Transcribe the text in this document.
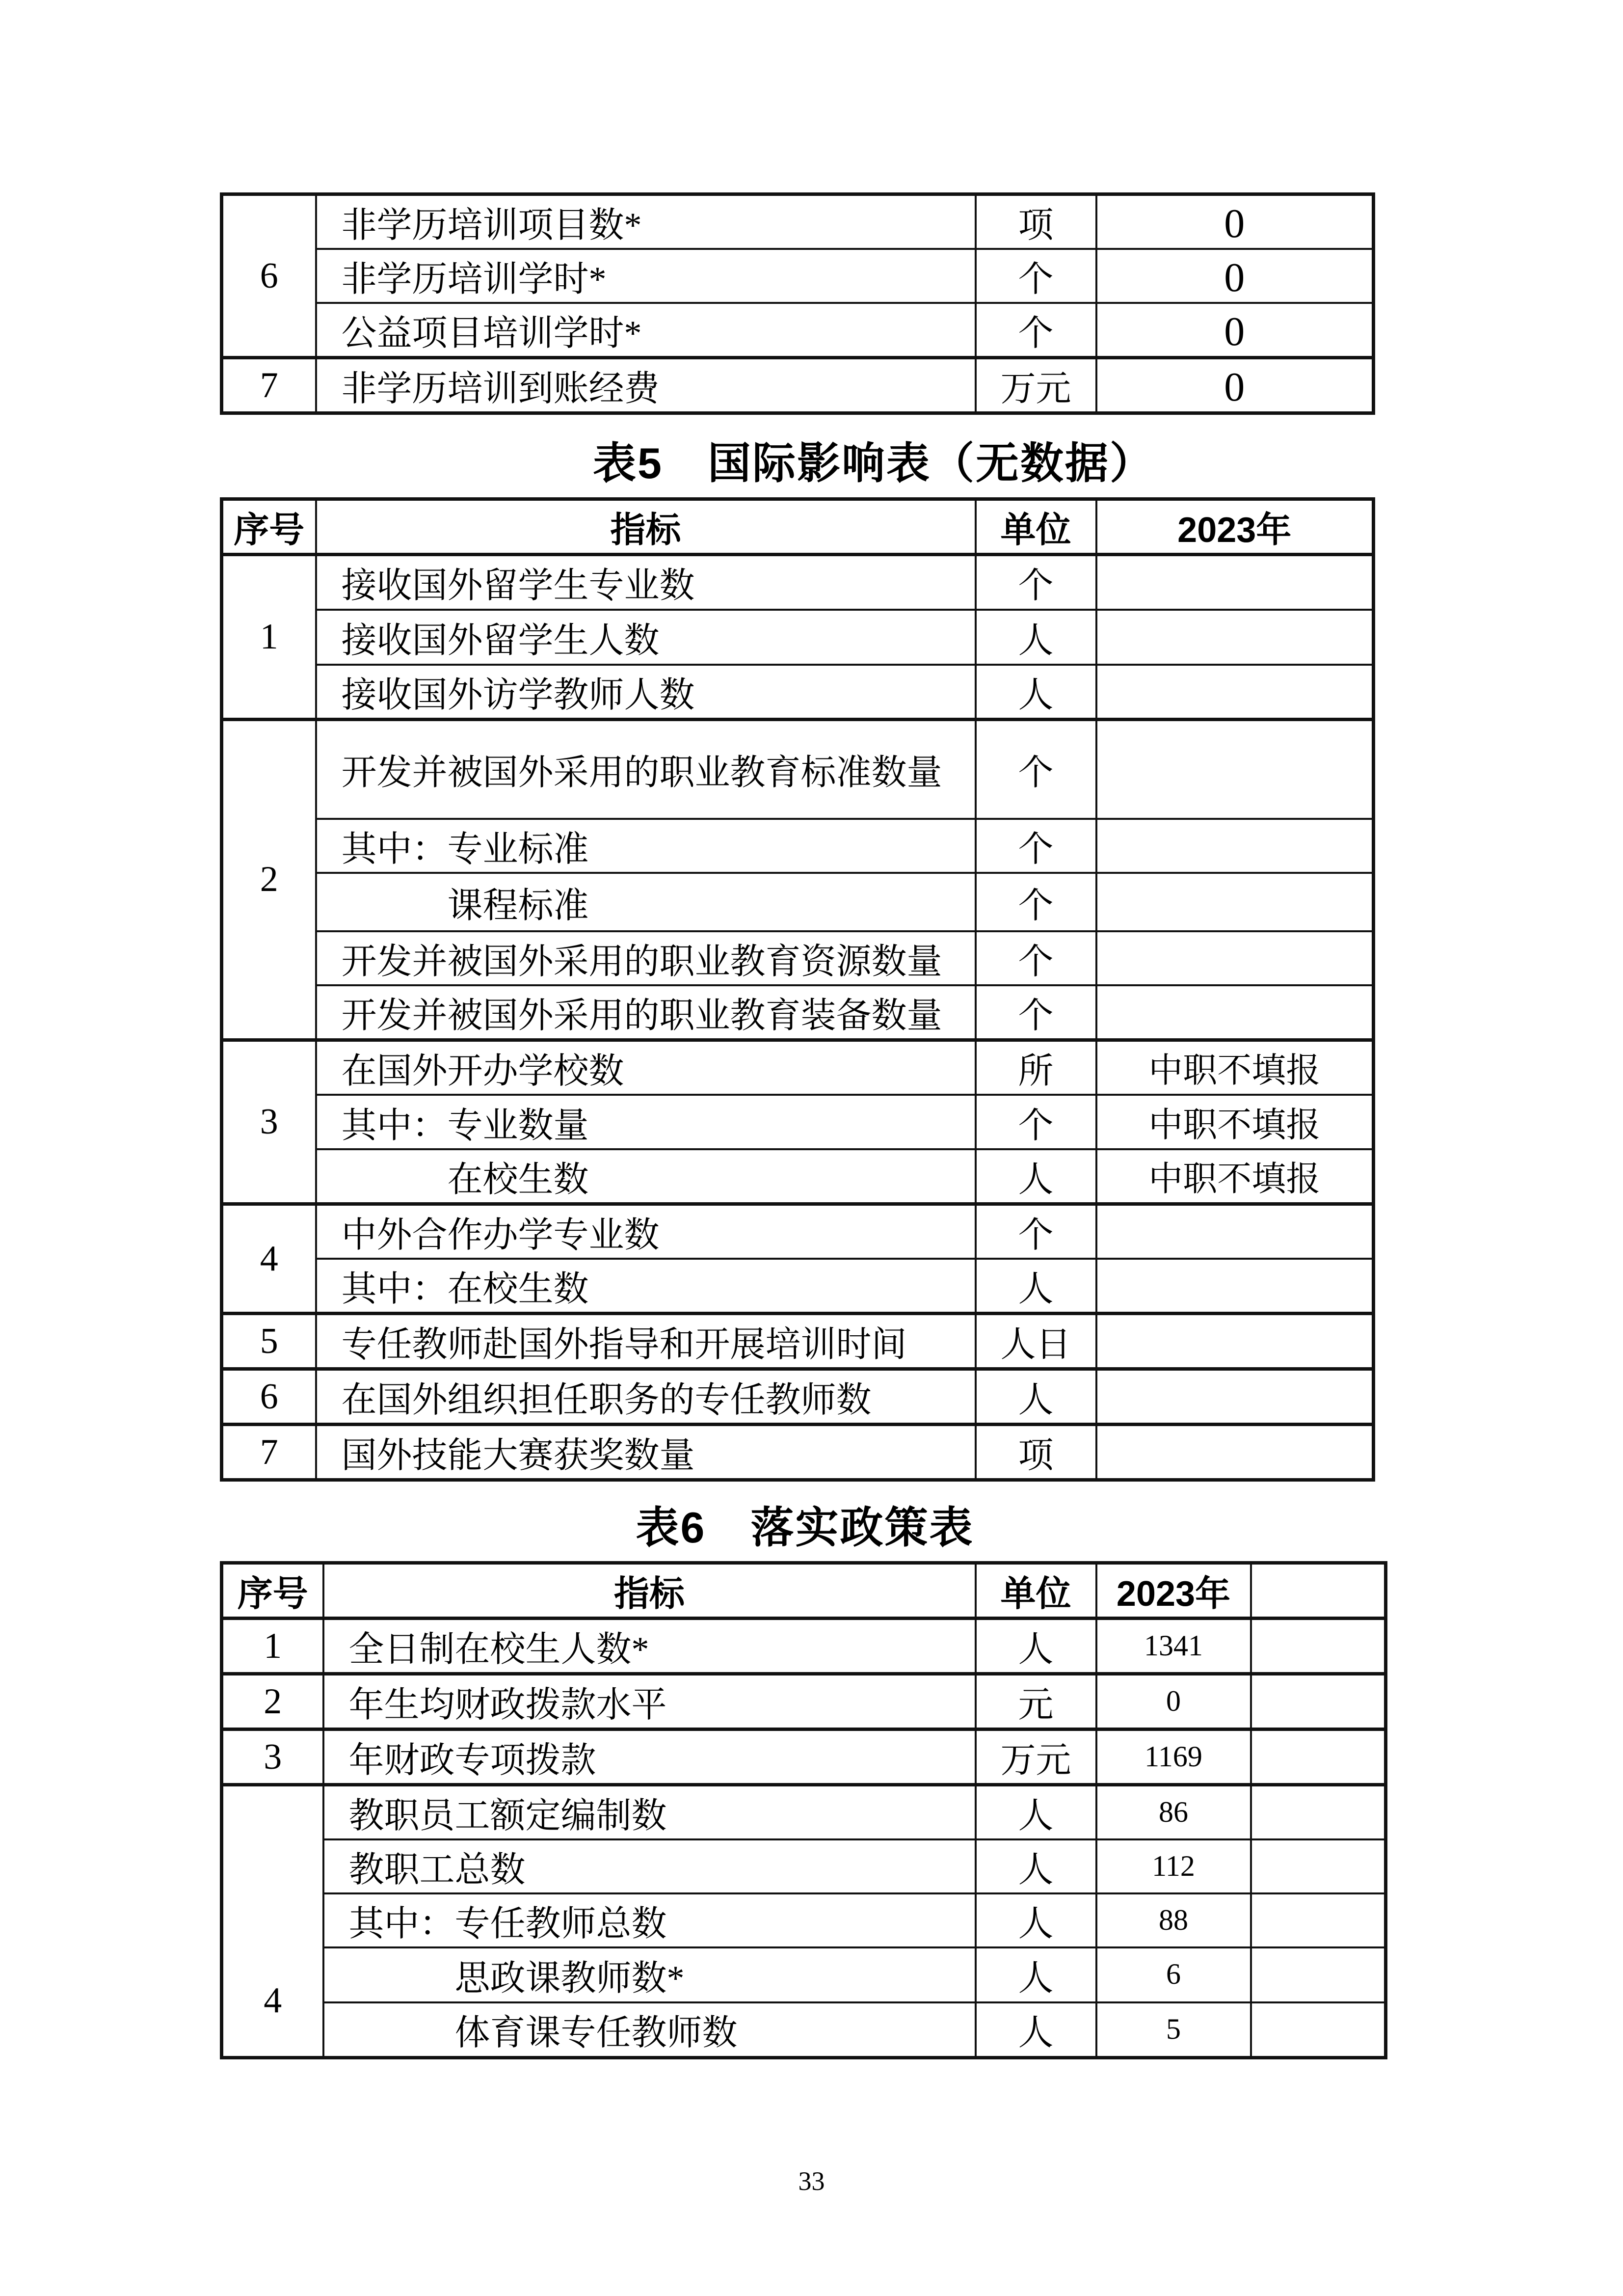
6	非学历培训项目数*	项	0
	非学历培训学时*	个	0
	公益项目培训学时*	个	0
7	非学历培训到账经费	万元	0
表5　国际影响表（无数据）
序号	指标	单位	2023年
1	接收国外留学生专业数	个	
	接收国外留学生人数	人	
	接收国外访学教师人数	人	
2	开发并被国外采用的职业教育标准数量	个	
	其中：专业标准	个	
	课程标准	个	
	开发并被国外采用的职业教育资源数量	个	
	开发并被国外采用的职业教育装备数量	个	
3	在国外开办学校数	所	中职不填报
	其中：专业数量	个	中职不填报
	在校生数	人	中职不填报
4	中外合作办学专业数	个	
	其中：在校生数	人	
5	专任教师赴国外指导和开展培训时间	人日	
6	在国外组织担任职务的专任教师数	人	
7	国外技能大赛获奖数量	项	
表6　落实政策表
序号	指标	单位	2023年	
1	全日制在校生人数*	人	1341	
2	年生均财政拨款水平	元	0	
3	年财政专项拨款	万元	1169	
4	教职员工额定编制数	人	86	
	教职工总数	人	112	
	其中：专任教师总数	人	88	
	思政课教师数*	人	6	
	体育课专任教师数	人	5	
33
